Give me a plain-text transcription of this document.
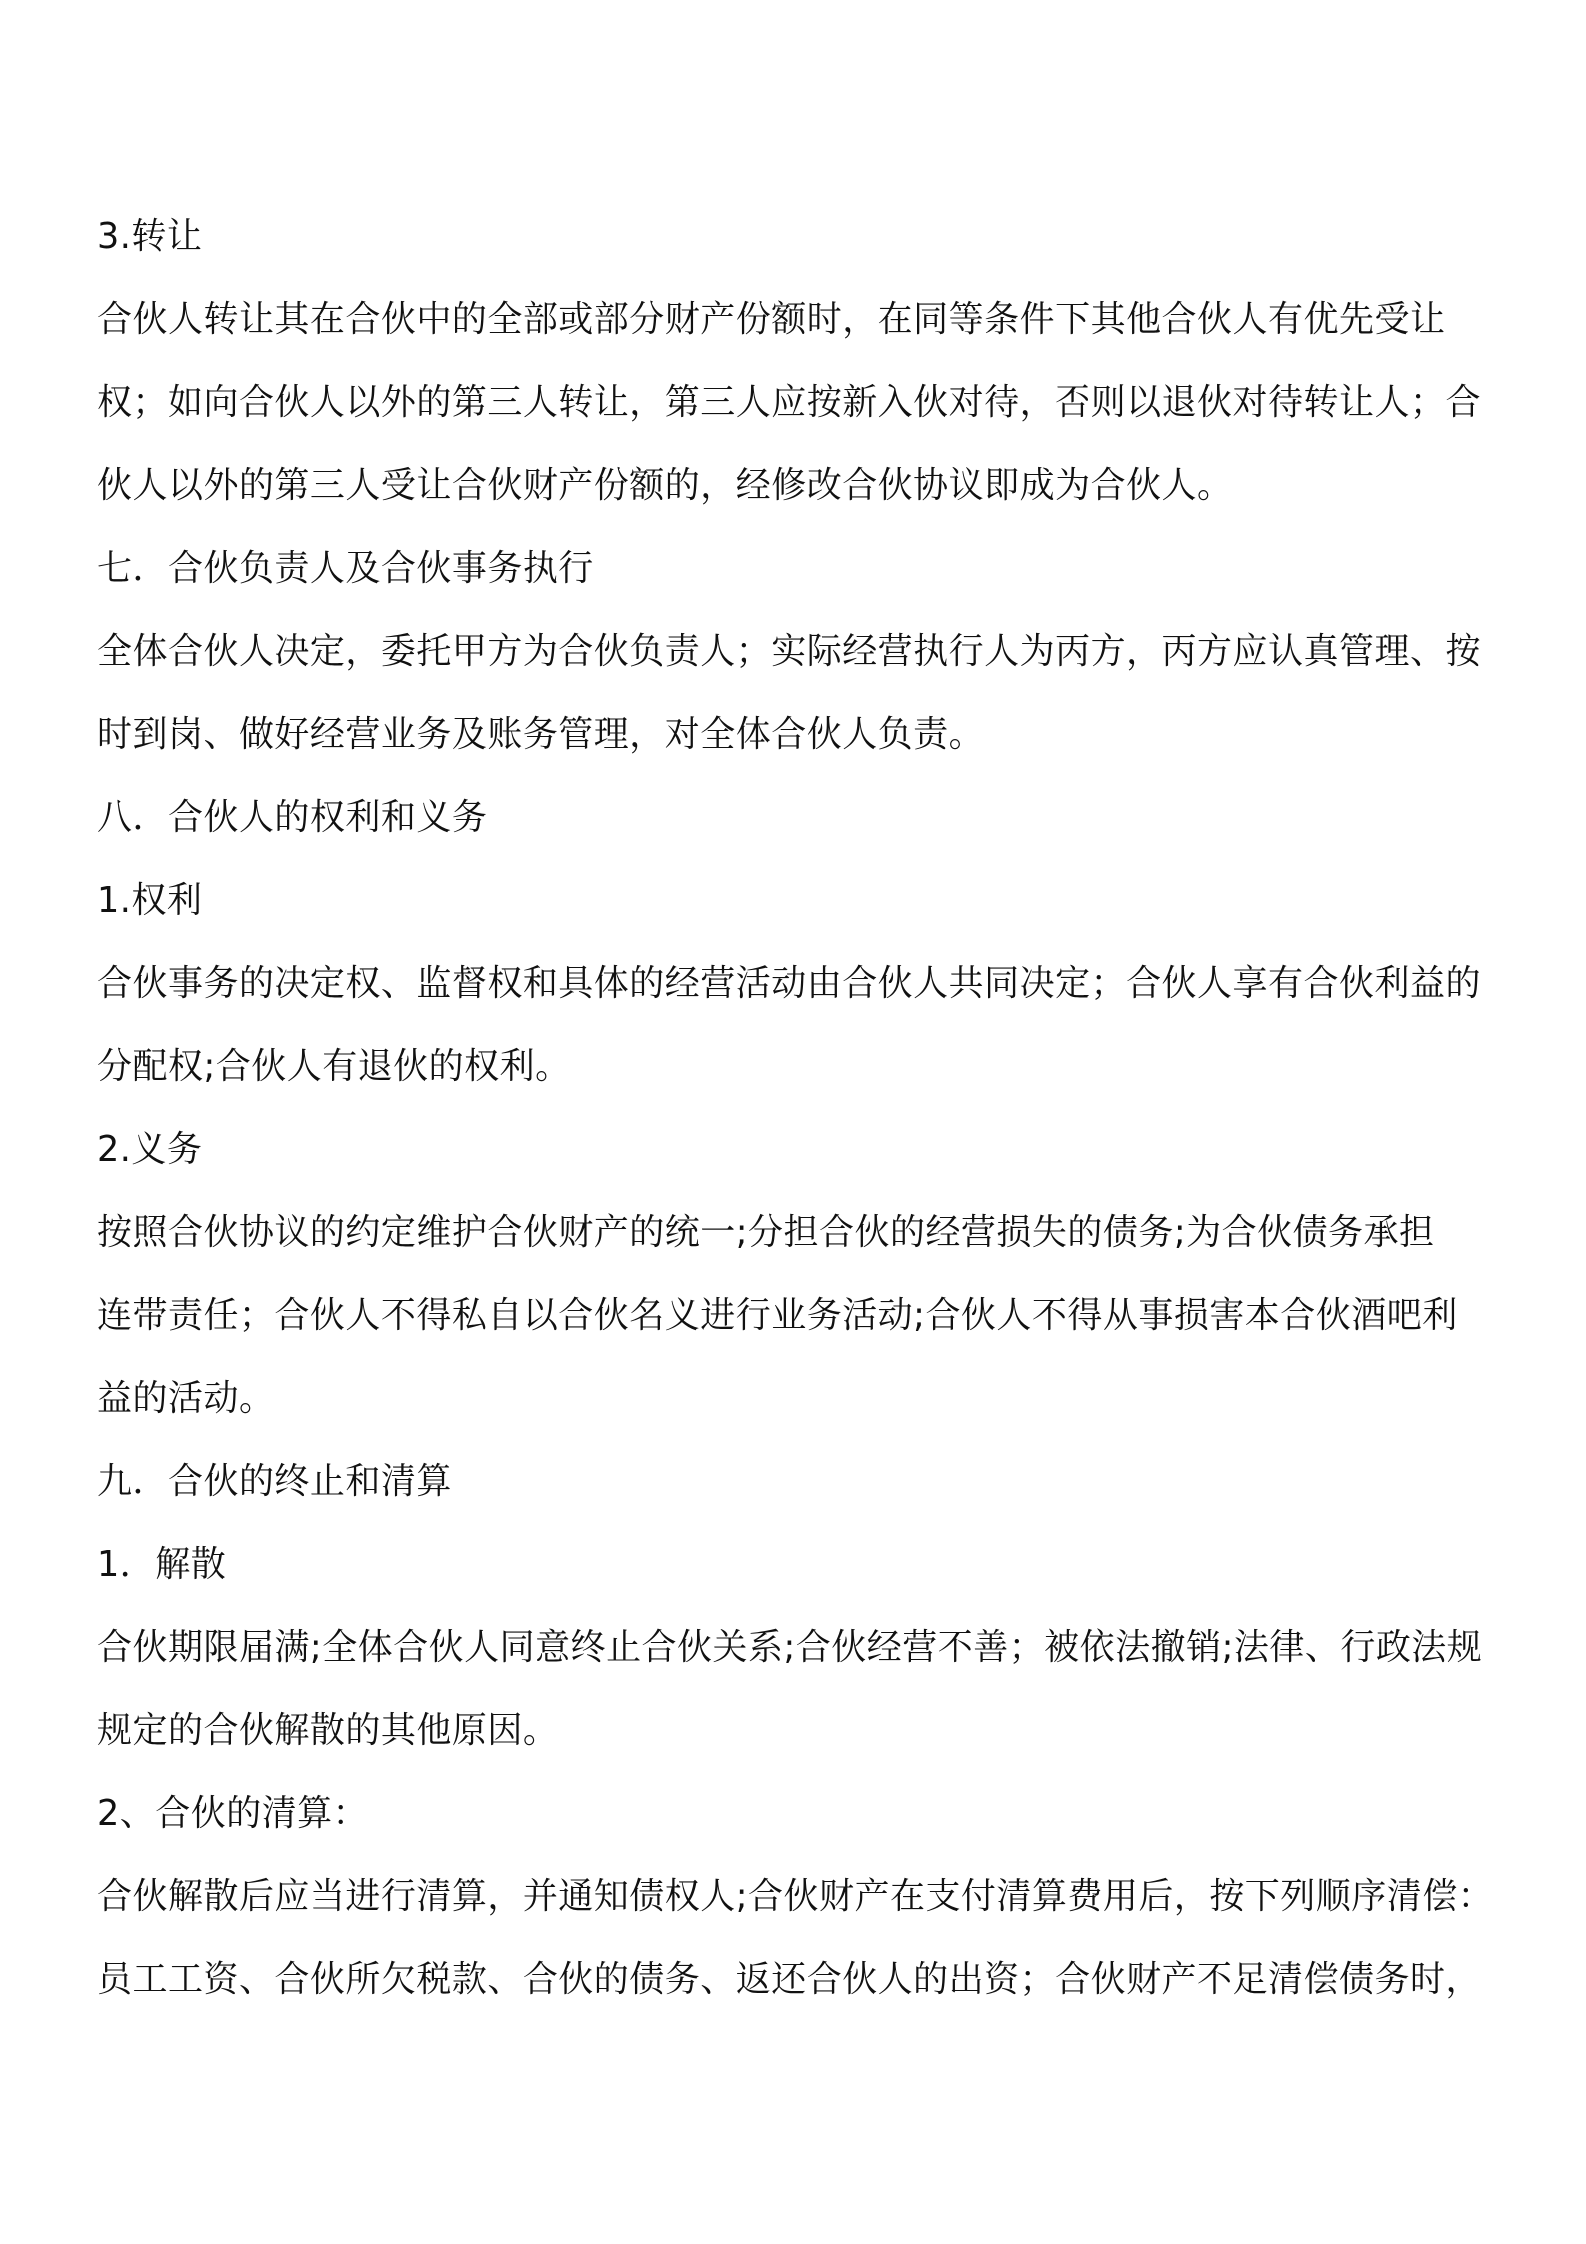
3.转让
合伙人转让其在合伙中的全部或部分财产份额时，在同等条件下其他合伙人有优先受让
权；如向合伙人以外的第三人转让，第三人应按新入伙对待，否则以退伙对待转让人；合
伙人以外的第三人受让合伙财产份额的，经修改合伙协议即成为合伙人。
七．合伙负责人及合伙事务执行
全体合伙人决定，委托甲方为合伙负责人；实际经营执行人为丙方，丙方应认真管理、按
时到岗、做好经营业务及账务管理，对全体合伙人负责。
八．合伙人的权利和义务
1.权利
合伙事务的决定权、监督权和具体的经营活动由合伙人共同决定；合伙人享有合伙利益的
分配权;合伙人有退伙的权利。
2.义务
按照合伙协议的约定维护合伙财产的统一;分担合伙的经营损失的债务;为合伙债务承担
连带责任；合伙人不得私自以合伙名义进行业务活动;合伙人不得从事损害本合伙酒吧利
益的活动。
九．合伙的终止和清算
1．解散
合伙期限届满;全体合伙人同意终止合伙关系;合伙经营不善；被依法撤销;法律、行政法规
规定的合伙解散的其他原因。
2、合伙的清算：
合伙解散后应当进行清算，并通知债权人;合伙财产在支付清算费用后，按下列顺序清偿：
员工工资、合伙所欠税款、合伙的债务、返还合伙人的出资；合伙财产不足清偿债务时，
